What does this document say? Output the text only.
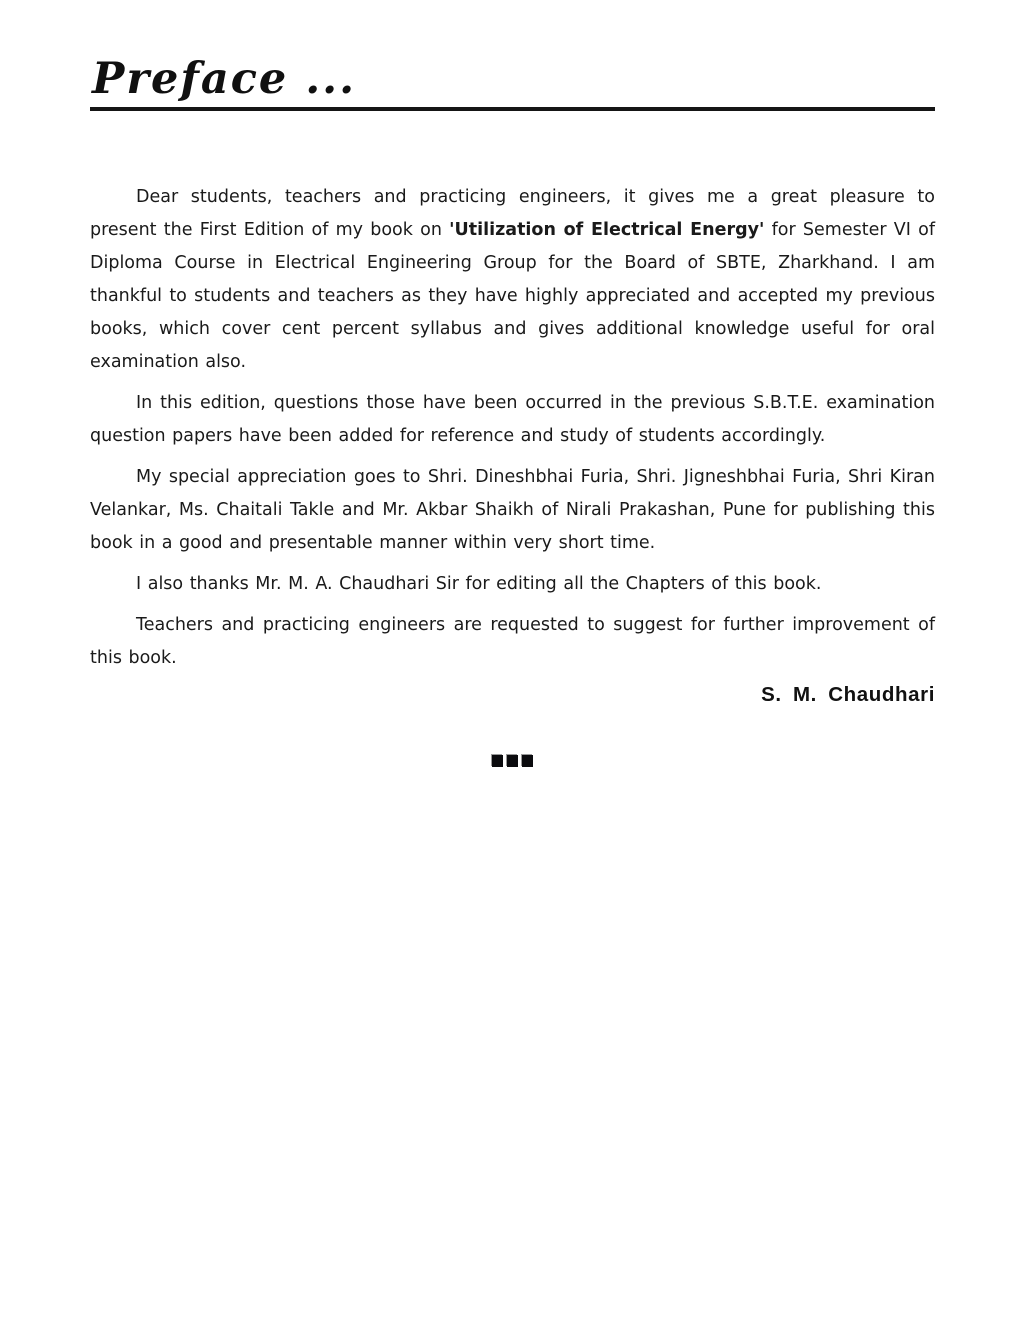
Preface ...

Dear students, teachers and practicing engineers, it gives me a great pleasure to present the First Edition of my book on 'Utilization of Electrical Energy' for Semester VI of Diploma Course in Electrical Engineering Group for the Board of SBTE, Zharkhand. I am thankful to students and teachers as they have highly appreciated and accepted my previous books, which cover cent percent syllabus and gives additional knowledge useful for oral examination also.

In this edition, questions those have been occurred in the previous S.B.T.E. examination question papers have been added for reference and study of students accordingly.

My special appreciation goes to Shri. Dineshbhai Furia, Shri. Jigneshbhai Furia, Shri Kiran Velankar, Ms. Chaitali Takle and Mr. Akbar Shaikh of Nirali Prakashan, Pune for publishing this book in a good and presentable manner within very short time.

I also thanks Mr. M. A. Chaudhari Sir for editing all the Chapters of this book.

Teachers and practicing engineers are requested to suggest for further improvement of this book.

S. M. Chaudhari
